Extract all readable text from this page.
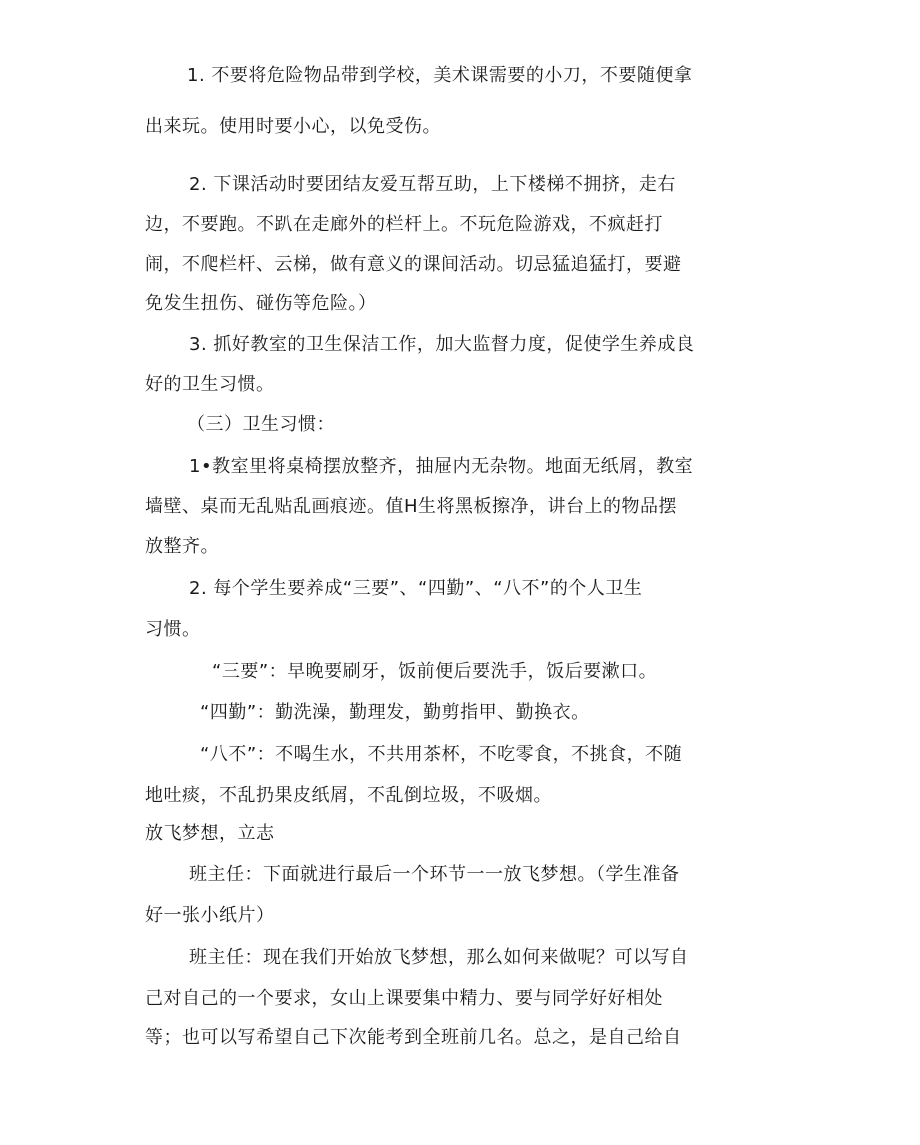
1. 不要将危险物品带到学校，美术课需要的小刀，不要随便拿
出来玩。使用时要小心，以免受伤。
2. 下课活动时要团结友爱互帮互助，上下楼梯不拥挤，走右
边，不要跑。不趴在走廊外的栏杆上。不玩危险游戏，不疯赶打
闹，不爬栏杆、云梯，做有意义的课间活动。切忌猛追猛打，要避
免发生扭伤、碰伤等危险。）
3. 抓好教室的卫生保洁工作，加大监督力度，促使学生养成良
好的卫生习惯。
（三）卫生习惯：
1•教室里将桌椅摆放整齐，抽屉内无杂物。地面无纸屑，教室
墙壁、桌而无乱贴乱画痕迹。值H生将黑板擦净，讲台上的物品摆
放整齐。
2. 每个学生要养成“三要”、“四勤”、“八不”的个人卫生
习惯。
“三要”：早晚要刷牙，饭前便后要洗手，饭后要漱口。
“四勤”：勤洗澡，勤理发，勤剪指甲、勤换衣。
“八不”：不喝生水，不共用茶杯，不吃零食，不挑食，不随
地吐痰，不乱扔果皮纸屑，不乱倒垃圾，不吸烟。
放飞梦想，立志
班主任：下面就进行最后一个环节一一放飞梦想。（学生准备
好一张小纸片）
班主任：现在我们开始放飞梦想，那么如何来做呢？可以写自
己对自己的一个要求，女山上课要集中精力、要与同学好好相处
等；也可以写希望自己下次能考到全班前几名。总之，是自己给自
